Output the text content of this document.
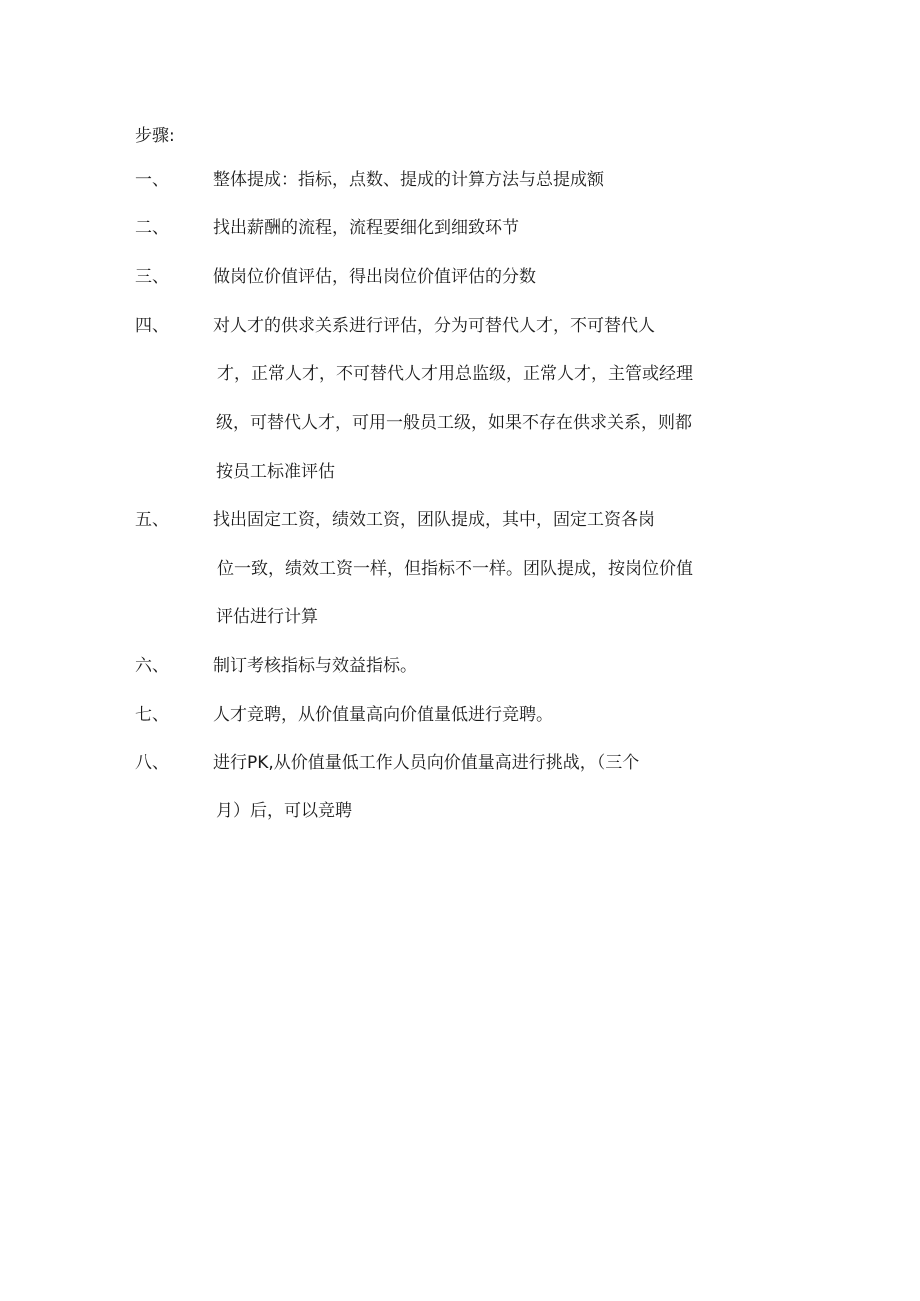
步骤:
一、	整体提成：指标，点数、提成的计算方法与总提成额
二、	找出薪酬的流程，流程要细化到细致环节
三、	做岗位价值评估，得出岗位价值评估的分数
四、	对人才的供求关系进行评估，分为可替代人才，不可替代人
才，正常人才，不可替代人才用总监级，正常人才，主管或经理
级，可替代人才，可用一般员工级，如果不存在供求关系，则都
按员工标准评估
五、	找出固定工资，绩效工资，团队提成，其中，固定工资各岗
位一致，绩效工资一样，但指标不一样。团队提成，按岗位价值
评估进行计算
六、	制订考核指标与效益指标。
七、	人才竞聘，从价值量高向价值量低进行竞聘。
八、	进行PK,从价值量低工作人员向价值量高进行挑战，（三个
月）后，可以竞聘
